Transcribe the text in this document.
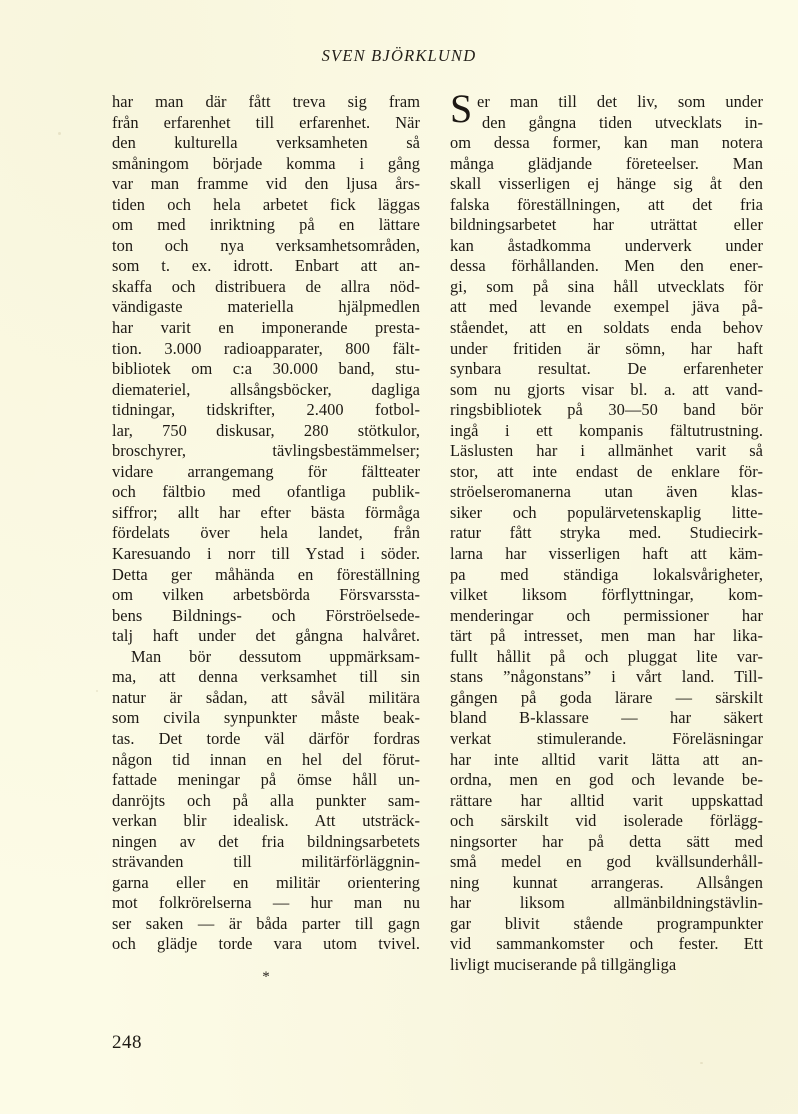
SVEN BJÖRKLUND
har man där fått treva sig fram
från erfarenhet till erfarenhet. När
den kulturella verksamheten så
småningom började komma i gång
var man framme vid den ljusa års-
tiden och hela arbetet fick läggas
om med inriktning på en lättare
ton och nya verksamhetsområden,
som t. ex. idrott. Enbart att an-
skaffa och distribuera de allra nöd-
vändigaste materiella hjälpmedlen
har varit en imponerande presta-
tion. 3.000 radioapparater, 800 fält-
bibliotek om c:a 30.000 band, stu-
diemateriel, allsångsböcker, dagliga
tidningar, tidskrifter, 2.400 fotbol-
lar, 750 diskusar, 280 stötkulor,
broschyrer, tävlingsbestämmelser;
vidare arrangemang för fältteater
och fältbio med ofantliga publik-
siffror; allt har efter bästa förmåga
fördelats över hela landet, från
Karesuando i norr till Ystad i söder.
Detta ger måhända en föreställning
om vilken arbetsbörda Försvarssta-
bens Bildnings- och Förströelsede-
talj haft under det gångna halvåret.
Man bör dessutom uppmärksam-
ma, att denna verksamhet till sin
natur är sådan, att såväl militära
som civila synpunkter måste beak-
tas. Det torde väl därför fordras
någon tid innan en hel del förut-
fattade meningar på ömse håll un-
danröjts och på alla punkter sam-
verkan blir idealisk. Att utsträck-
ningen av det fria bildningsarbetets
strävanden till militärförläggnin-
garna eller en militär orientering
mot folkrörelserna — hur man nu
ser saken — är båda parter till gagn
och glädje torde vara utom tvivel.
*
S er man till det liv, som under
den gångna tiden utvecklats in-
om dessa former, kan man notera
många glädjande företeelser. Man
skall visserligen ej hänge sig åt den
falska föreställningen, att det fria
bildningsarbetet har uträttat eller
kan åstadkomma underverk under
dessa förhållanden. Men den ener-
gi, som på sina håll utvecklats för
att med levande exempel jäva på-
ståendet, att en soldats enda behov
under fritiden är sömn, har haft
synbara resultat. De erfarenheter
som nu gjorts visar bl. a. att vand-
ringsbibliotek på 30—50 band bör
ingå i ett kompanis fältutrustning.
Läslusten har i allmänhet varit så
stor, att inte endast de enklare för-
ströelseromanerna utan även klas-
siker och populärvetenskaplig litte-
ratur fått stryka med. Studiecirk-
larna har visserligen haft att käm-
pa med ständiga lokalsvårigheter,
vilket liksom förflyttningar, kom-
menderingar och permissioner har
tärt på intresset, men man har lika-
fullt hållit på och pluggat lite var-
stans ”någonstans” i vårt land. Till-
gången på goda lärare — särskilt
bland B-klassare — har säkert
verkat stimulerande. Föreläsningar
har inte alltid varit lätta att an-
ordna, men en god och levande be-
rättare har alltid varit uppskattad
och särskilt vid isolerade förlägg-
ningsorter har på detta sätt med
små medel en god kvällsunderhåll-
ning kunnat arrangeras. Allsången
har liksom allmänbildningstävlin-
gar blivit stående programpunkter
vid sammankomster och fester. Ett
livligt muciserande på tillgängliga
248
